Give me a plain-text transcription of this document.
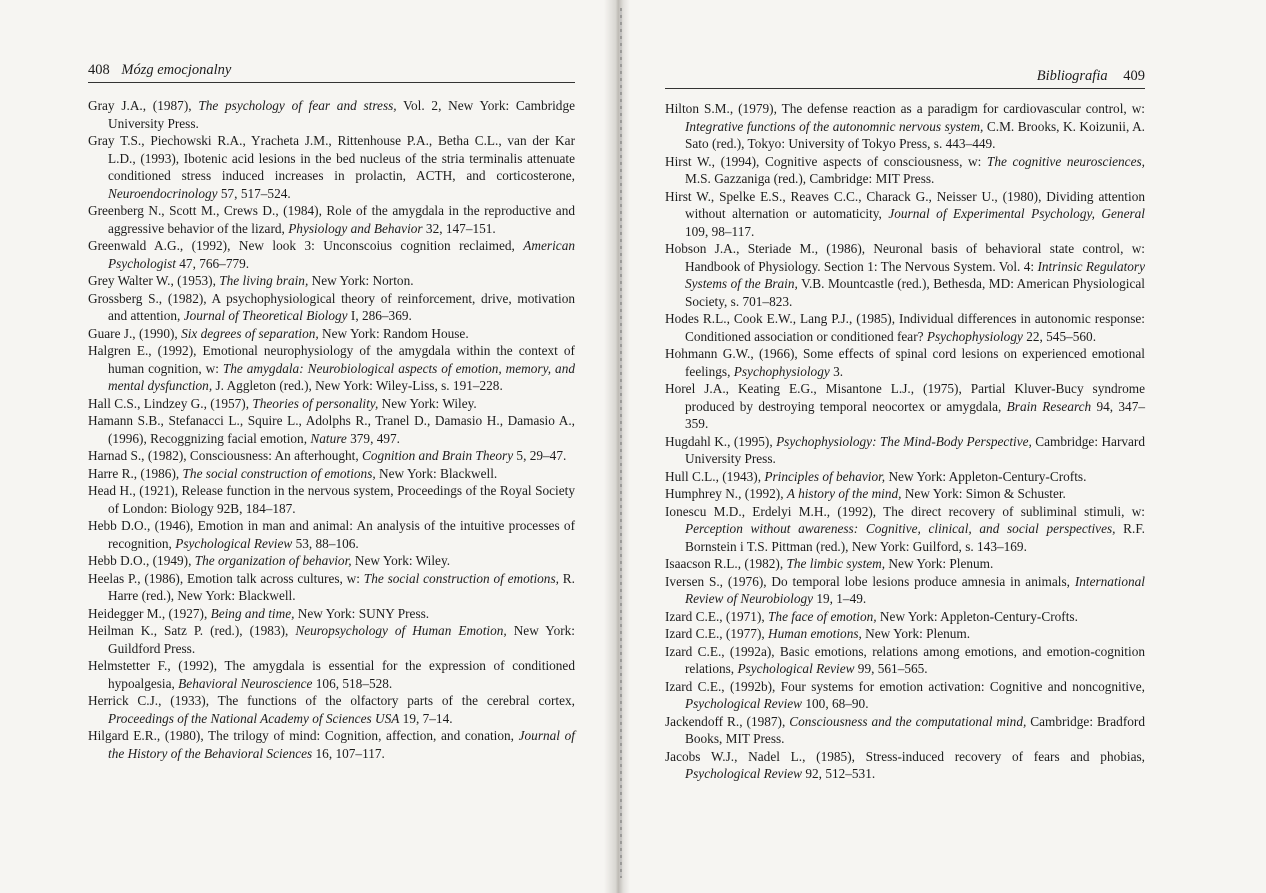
408 Mózg emocjonalny	Bibliografia 409
Gray J.A., (1987), The psychology of fear and stress, Vol. 2, New York: Cambridge University Press.
Gray T.S., Piechowski R.A., Yracheta J.M., Rittenhouse P.A., Betha C.L., van der Kar L.D., (1993), Ibotenic acid lesions in the bed nucleus of the stria terminalis attenuate conditioned stress induced increases in prolactin, ACTH, and corticosterone, Neuroendocrinology 57, 517–524.
Greenberg N., Scott M., Crews D., (1984), Role of the amygdala in the reproductive and aggressive behavior of the lizard, Physiology and Behavior 32, 147–151.
Greenwald A.G., (1992), New look 3: Unconscoius cognition reclaimed, American Psychologist 47, 766–779.
Grey Walter W., (1953), The living brain, New York: Norton.
Grossberg S., (1982), A psychophysiological theory of reinforcement, drive, motivation and attention, Journal of Theoretical Biology I, 286–369.
Guare J., (1990), Six degrees of separation, New York: Random House.
Halgren E., (1992), Emotional neurophysiology of the amygdala within the context of human cognition, w: The amygdala: Neurobiological aspects of emotion, memory, and mental dysfunction, J. Aggleton (red.), New York: Wiley-Liss, s. 191–228.
Hall C.S., Lindzey G., (1957), Theories of personality, New York: Wiley.
Hamann S.B., Stefanacci L., Squire L., Adolphs R., Tranel D., Damasio H., Damasio A., (1996), Recoggnizing facial emotion, Nature 379, 497.
Harnad S., (1982), Consciousness: An afterhought, Cognition and Brain Theory 5, 29–47.
Harre R., (1986), The social construction of emotions, New York: Blackwell.
Head H., (1921), Release function in the nervous system, Proceedings of the Royal Society of London: Biology 92B, 184–187.
Hebb D.O., (1946), Emotion in man and animal: An analysis of the intuitive processes of recognition, Psychological Review 53, 88–106.
Hebb D.O., (1949), The organization of behavior, New York: Wiley.
Heelas P., (1986), Emotion talk across cultures, w: The social construction of emotions, R. Harre (red.), New York: Blackwell.
Heidegger M., (1927), Being and time, New York: SUNY Press.
Heilman K., Satz P. (red.), (1983), Neuropsychology of Human Emotion, New York: Guildford Press.
Helmstetter F., (1992), The amygdala is essential for the expression of conditioned hypoalgesia, Behavioral Neuroscience 106, 518–528.
Herrick C.J., (1933), The functions of the olfactory parts of the cerebral cortex, Proceedings of the National Academy of Sciences USA 19, 7–14.
Hilgard E.R., (1980), The trilogy of mind: Cognition, affection, and conation, Journal of the History of the Behavioral Sciences 16, 107–117.
Hilton S.M., (1979), The defense reaction as a paradigm for cardiovascular control, w: Integrative functions of the autonomnic nervous system, C.M. Brooks, K. Koizunii, A. Sato (red.), Tokyo: University of Tokyo Press, s. 443–449.
Hirst W., (1994), Cognitive aspects of consciousness, w: The cognitive neurosciences, M.S. Gazzaniga (red.), Cambridge: MIT Press.
Hirst W., Spelke E.S., Reaves C.C., Charack G., Neisser U., (1980), Dividing attention without alternation or automaticity, Journal of Experimental Psychology, General 109, 98–117.
Hobson J.A., Steriade M., (1986), Neuronal basis of behavioral state control, w: Handbook of Physiology. Section 1: The Nervous System. Vol. 4: Intrinsic Regulatory Systems of the Brain, V.B. Mountcastle (red.), Bethesda, MD: American Physiological Society, s. 701–823.
Hodes R.L., Cook E.W., Lang P.J., (1985), Individual differences in autonomic response: Conditioned association or conditioned fear? Psychophysiology 22, 545–560.
Hohmann G.W., (1966), Some effects of spinal cord lesions on experienced emotional feelings, Psychophysiology 3.
Horel J.A., Keating E.G., Misantone L.J., (1975), Partial Kluver-Bucy syndrome produced by destroying temporal neocortex or amygdala, Brain Research 94, 347–359.
Hugdahl K., (1995), Psychophysiology: The Mind-Body Perspective, Cambridge: Harvard University Press.
Hull C.L., (1943), Principles of behavior, New York: Appleton-Century-Crofts.
Humphrey N., (1992), A history of the mind, New York: Simon & Schuster.
Ionescu M.D., Erdelyi M.H., (1992), The direct recovery of subliminal stimuli, w: Perception without awareness: Cognitive, clinical, and social perspectives, R.F. Bornstein i T.S. Pittman (red.), New York: Guilford, s. 143–169.
Isaacson R.L., (1982), The limbic system, New York: Plenum.
Iversen S., (1976), Do temporal lobe lesions produce amnesia in animals, International Review of Neurobiology 19, 1–49.
Izard C.E., (1971), The face of emotion, New York: Appleton-Century-Crofts.
Izard C.E., (1977), Human emotions, New York: Plenum.
Izard C.E., (1992a), Basic emotions, relations among emotions, and emotion-cognition relations, Psychological Review 99, 561–565.
Izard C.E., (1992b), Four systems for emotion activation: Cognitive and noncognitive, Psychological Review 100, 68–90.
Jackendoff R., (1987), Consciousness and the computational mind, Cambridge: Bradford Books, MIT Press.
Jacobs W.J., Nadel L., (1985), Stress-induced recovery of fears and phobias, Psychological Review 92, 512–531.
